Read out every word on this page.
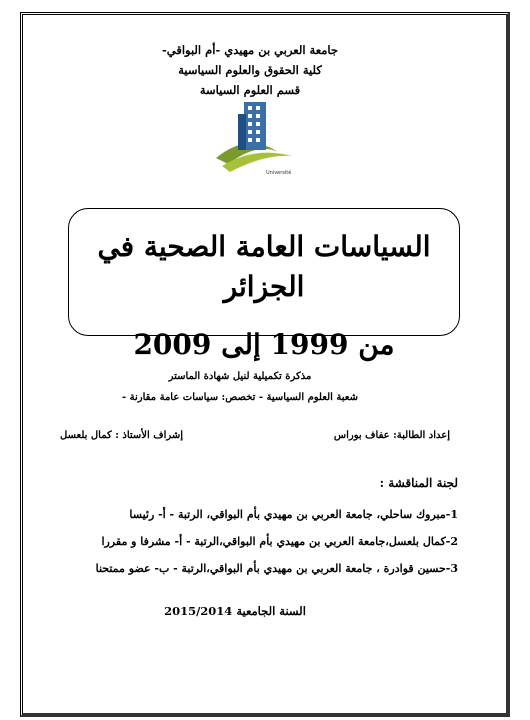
جامعة العربي بن مهيدي -أم البواقي-
كلية الحقوق والعلوم السياسية
قسم العلوم السياسة
Université
السياسات العامة الصحية في الجزائر
من 1999 إلى 2009
مذكرة تكميلية لنيل شهادة الماستر
شعبة العلوم السياسية - تخصص: سياسات عامة مقارنة -
إعداد الطالبة: عفاف بوراس
إشراف الأستاذ : كمال بلعسل
لجنة المناقشة :
1-مبروك ساحلي، جامعة العربي بن مهيدي بأم البواقي، الرتبة - أ- رئيسا
2-كمال بلعسل،جامعة العربي بن مهيدي بأم البواقي،الرتبة - أ- مشرفا و مقررا
3-حسين قوادرة ، جامعة العربي بن مهيدي بأم البواقي،الرتبة - ب- عضو ممتحنا
السنة الجامعية 2015/2014
